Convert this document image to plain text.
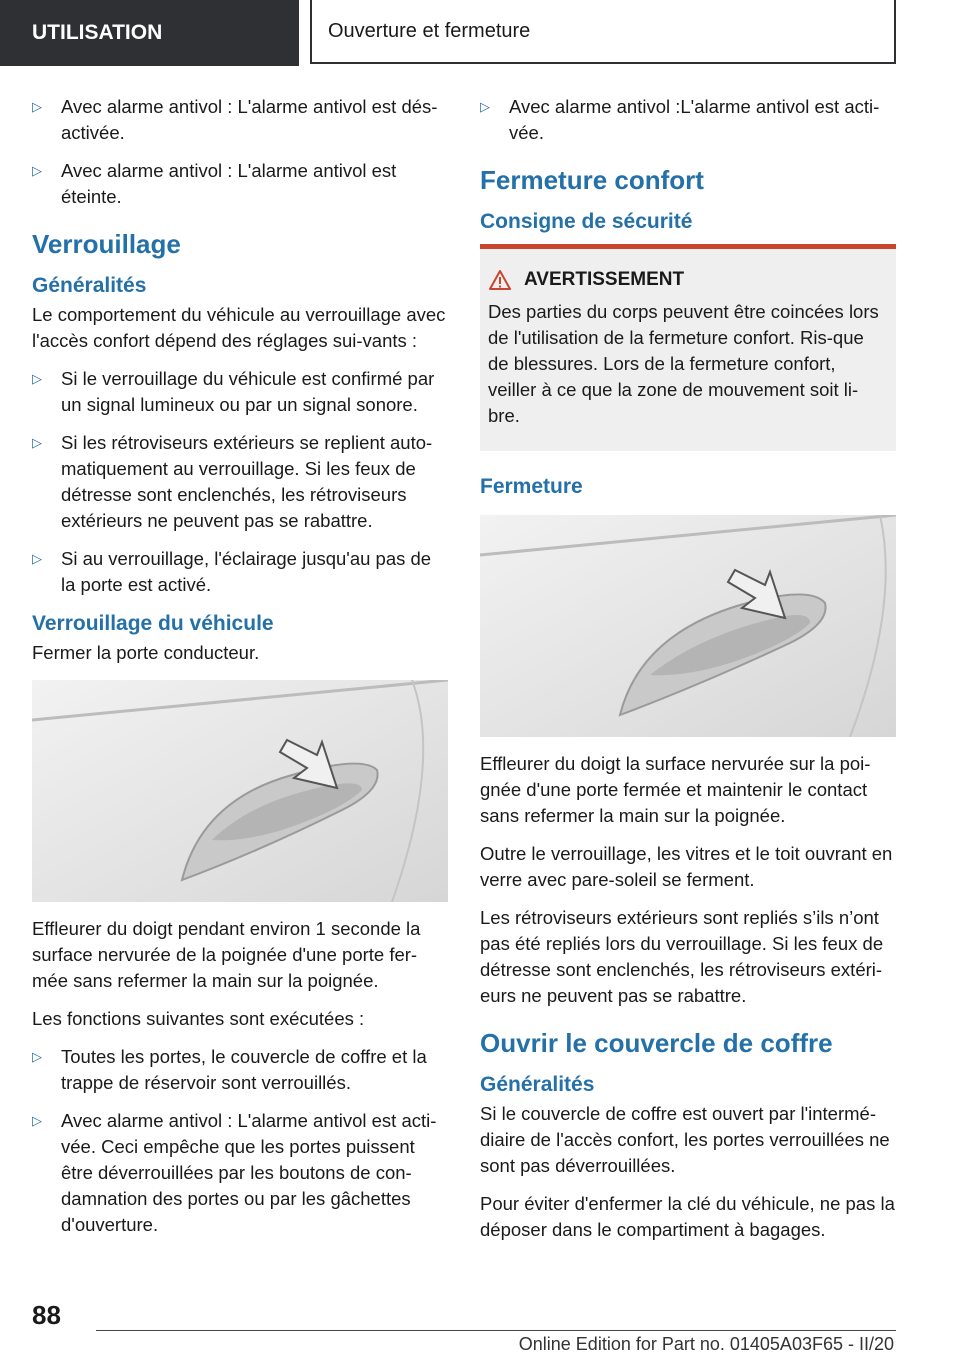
UTILISATION	Ouverture et fermeture
▷ Avec alarme antivol : L'alarme antivol est dés-activée.
▷ Avec alarme antivol : L'alarme antivol est éteinte.
Verrouillage
Généralités

Le comportement du véhicule au verrouillage avec l'accès confort dépend des réglages sui-vants :

▷ Si le verrouillage du véhicule est confirmé par un signal lumineux ou par un signal sonore.
▷ Si les rétroviseurs extérieurs se replient auto-matiquement au verrouillage. Si les feux de détresse sont enclenchés, les rétroviseurs extérieurs ne peuvent pas se rabattre.
▷ Si au verrouillage, l'éclairage jusqu'au pas de la porte est activé.
Verrouillage du véhicule

Fermer la porte conducteur.

Effleurer du doigt pendant environ 1 seconde la surface nervurée de la poignée d'une porte fer-mée sans refermer la main sur la poignée.

Les fonctions suivantes sont exécutées :

▷ Toutes les portes, le couvercle de coffre et la trappe de réservoir sont verrouillés.
▷ Avec alarme antivol : L'alarme antivol est acti-vée. Ceci empêche que les portes puissent être déverrouillées par les boutons de con-damnation des portes ou par les gâchettes d'ouverture.
▷ Avec alarme antivol :L'alarme antivol est acti-vée.
Fermeture confort
Consigne de sécurité
AVERTISSEMENT

Des parties du corps peuvent être coincées lors de l'utilisation de la fermeture confort. Ris-que de blessures. Lors de la fermeture confort, veiller à ce que la zone de mouvement soit li-bre.

Fermeture

Effleurer du doigt la surface nervurée sur la poi-gnée d'une porte fermée et maintenir le contact sans refermer la main sur la poignée.

Outre le verrouillage, les vitres et le toit ouvrant en verre avec pare-soleil se ferment.

Les rétroviseurs extérieurs sont repliés s’ils n’ont pas été repliés lors du verrouillage. Si les feux de détresse sont enclenchés, les rétroviseurs extéri-eurs ne peuvent pas se rabattre.

Ouvrir le couvercle de coffre
Généralités

Si le couvercle de coffre est ouvert par l'intermé-diaire de l'accès confort, les portes verrouillées ne sont pas déverrouillées.

Pour éviter d'enfermer la clé du véhicule, ne pas la déposer dans le compartiment à bagages.

88
Online Edition for Part no. 01405A03F65 - II/20
